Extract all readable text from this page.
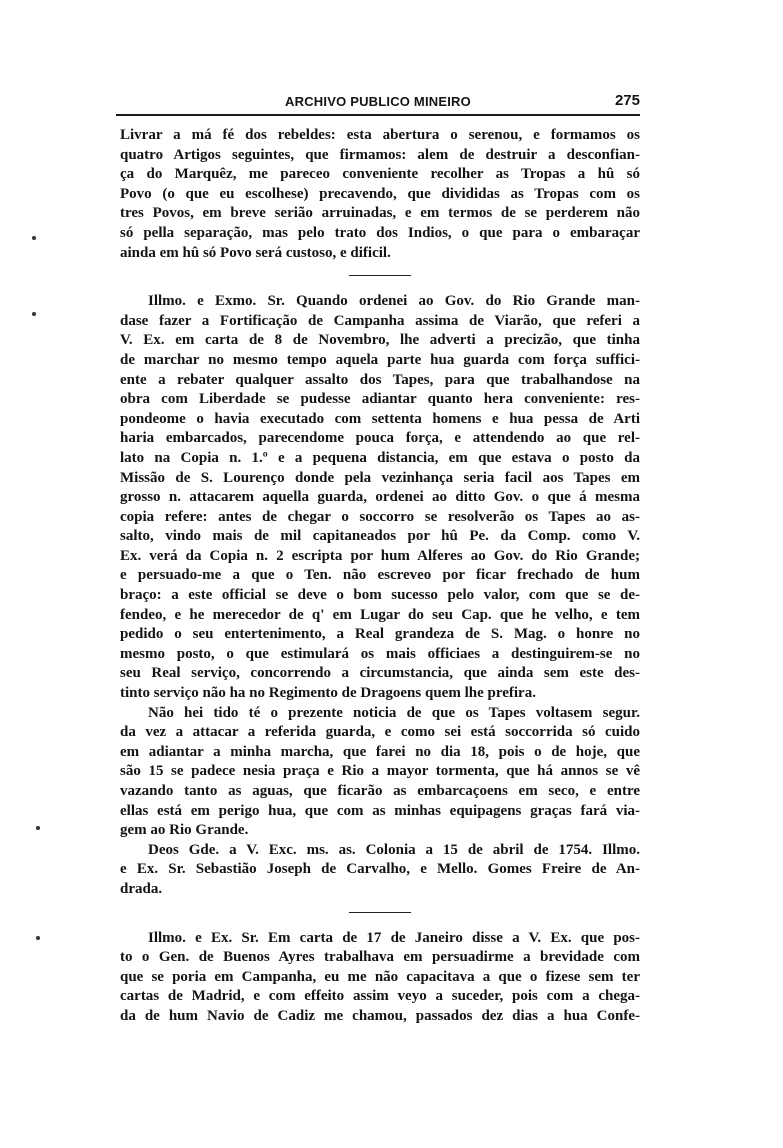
ARCHIVO PUBLICO MINEIRO	275
Livrar a má fé dos rebeldes: esta abertura o serenou, e formamos os
quatro Artigos seguintes, que firmamos: alem de destruir a desconfian-
ça do Marquêz, me pareceo conveniente recolher as Tropas a hû só
Povo (o que eu escolhese) precavendo, que divididas as Tropas com os
tres Povos, em breve serião arruinadas, e em termos de se perderem não
só pella separação, mas pelo trato dos Indios, o que para o embaraçar
ainda em hû só Povo será custoso, e dificil.
Illmo. e Exmo. Sr. Quando ordenei ao Gov. do Rio Grande man-
dase fazer a Fortificação de Campanha assima de Viarão, que referi a
V. Ex. em carta de 8 de Novembro, lhe adverti a precizão, que tinha
de marchar no mesmo tempo aquela parte hua guarda com força suffici-
ente a rebater qualquer assalto dos Tapes, para que trabalhandose na
obra com Liberdade se pudesse adiantar quanto hera conveniente: res-
pondeome o havia executado com settenta homens e hua pessa de Arti
haria embarcados, parecendome pouca força, e attendendo ao que rel-
lato na Copia n. 1.º e a pequena distancia, em que estava o posto da
Missão de S. Lourenço donde pela vezinhança seria facil aos Tapes em
grosso n. attacarem aquella guarda, ordenei ao ditto Gov. o que á mesma
copia refere: antes de chegar o soccorro se resolverão os Tapes ao as-
salto, vindo mais de mil capitaneados por hû Pe. da Comp. como V.
Ex. verá da Copia n. 2 escripta por hum Alferes ao Gov. do Rio Grande;
e persuado-me a que o Ten. não escreveo por ficar frechado de hum
braço: a este official se deve o bom sucesso pelo valor, com que se de-
fendeo, e he merecedor de q' em Lugar do seu Cap. que he velho, e tem
pedido o seu entertenimento, a Real grandeza de S. Mag. o honre no
mesmo posto, o que estimulará os mais officiaes a destinguirem-se no
seu Real serviço, concorrendo a circumstancia, que ainda sem este des-
tinto serviço não ha no Regimento de Dragoens quem lhe prefira.
Não hei tido té o prezente noticia de que os Tapes voltasem segur.
da vez a attacar a referida guarda, e como sei está soccorrida só cuido
em adiantar a minha marcha, que farei no dia 18, pois o de hoje, que
são 15 se padece nesia praça e Rio a mayor tormenta, que há annos se vê
vazando tanto as aguas, que ficarão as embarcaçoens em seco, e entre
ellas está em perigo hua, que com as minhas equipagens graças fará via-
gem ao Rio Grande.
Deos Gde. a V. Exc. ms. as. Colonia a 15 de abril de 1754. Illmo.
e Ex. Sr. Sebastião Joseph de Carvalho, e Mello. Gomes Freire de An-
drada.
Illmo. e Ex. Sr. Em carta de 17 de Janeiro disse a V. Ex. que pos-
to o Gen. de Buenos Ayres trabalhava em persuadirme a brevidade com
que se poria em Campanha, eu me não capacitava a que o fizese sem ter
cartas de Madrid, e com effeito assim veyo a suceder, pois com a chega-
da de hum Navio de Cadiz me chamou, passados dez dias a hua Confe-
